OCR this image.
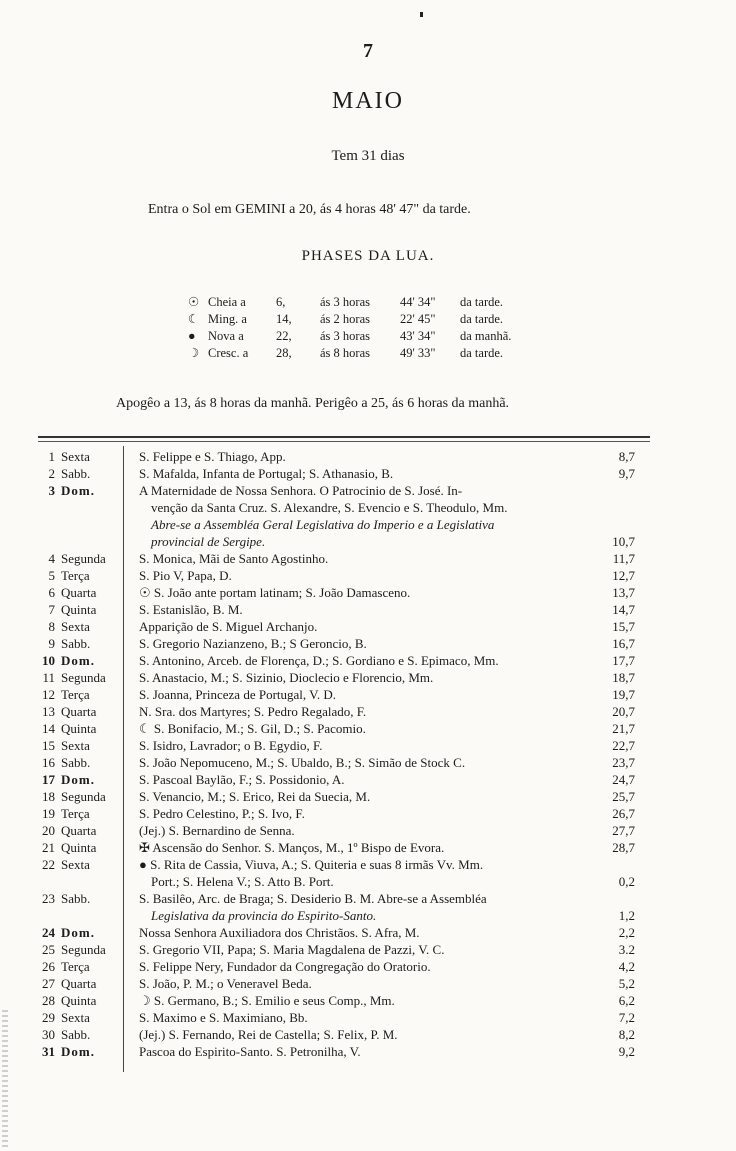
7
MAIO
Tem 31 dias
Entra o Sol em GEMINI a 20, ás 4 horas 48' 47" da tarde.
PHASES DA LUA.
☉ Cheia a	6,	ás 3 horas	44' 34"	da tarde.
☾ Ming. a	14,	ás 2 horas	22' 45"	da tarde.
● Nova a	22,	ás 3 horas	43' 34"	da manhã.
☽ Cresc. a	28,	ás 8 horas	49' 33"	da tarde.
Apogêo a 13, ás 8 horas da manhã. Perigêo a 25, ás 6 horas da manhã.
1 Sexta	S. Felippe e S. Thiago, App.	8,7
2 Sabb.	S. Mafalda, Infanta de Portugal; S. Athanasio, B.	9,7
3 Dom.	A Maternidade de Nossa Senhora. O Patrocinio de S. José. In-
venção da Santa Cruz. S. Alexandre, S. Evencio e S. Theodulo, Mm.
Abre-se a Assembléa Geral Legislativa do Imperio e a Legislativa
provincial de Sergipe.	10,7
4 Segunda	S. Monica, Mãi de Santo Agostinho.	11,7
5 Terça	S. Pio V, Papa, D.	12,7
6 Quarta	☉ S. João ante portam latinam; S. João Damasceno.	13,7
7 Quinta	S. Estanislão, B. M.	14,7
8 Sexta	Apparição de S. Miguel Archanjo.	15,7
9 Sabb.	S. Gregorio Nazianzeno, B.; S Geroncio, B.	16,7
10 Dom.	S. Antonino, Arceb. de Florença, D.; S. Gordiano e S. Epimaco, Mm.	17,7
11 Segunda	S. Anastacio, M.; S. Sizinio, Dioclecio e Florencio, Mm.	18,7
12 Terça	S. Joanna, Princeza de Portugal, V. D.	19,7
13 Quarta	N. Sra. dos Martyres; S. Pedro Regalado, F.	20,7
14 Quinta	☾ S. Bonifacio, M.; S. Gil, D.; S. Pacomio.	21,7
15 Sexta	S. Isidro, Lavrador; o B. Egydio, F.	22,7
16 Sabb.	S. João Nepomuceno, M.; S. Ubaldo, B.; S. Simão de Stock C.	23,7
17 Dom.	S. Pascoal Baylão, F.; S. Possidonio, A.	24,7
18 Segunda	S. Venancio, M.; S. Erico, Rei da Suecia, M.	25,7
19 Terça	S. Pedro Celestino, P.; S. Ivo, F.	26,7
20 Quarta	(Jej.) S. Bernardino de Senna.	27,7
21 Quinta	✠ Ascensão do Senhor. S. Manços, M., 1º Bispo de Evora.	28,7
22 Sexta	● S. Rita de Cassia, Viuva, A.; S. Quiteria e suas 8 irmãs Vv. Mm.
Port.; S. Helena V.; S. Atto B. Port.	0,2
23 Sabb.	S. Basilêo, Arc. de Braga; S. Desiderio B. M. Abre-se a Assembléa
Legislativa da provincia do Espirito-Santo.	1,2
24 Dom.	Nossa Senhora Auxiliadora dos Christãos. S. Afra, M.	2,2
25 Segunda	S. Gregorio VII, Papa; S. Maria Magdalena de Pazzi, V. C.	3.2
26 Terça	S. Felippe Nery, Fundador da Congregação do Oratorio.	4,2
27 Quarta	S. João, P. M.; o Veneravel Beda.	5,2
28 Quinta	☽ S. Germano, B.; S. Emilio e seus Comp., Mm.	6,2
29 Sexta	S. Maximo e S. Maximiano, Bb.	7,2
30 Sabb.	(Jej.) S. Fernando, Rei de Castella; S. Felix, P. M.	8,2
31 Dom.	Pascoa do Espirito-Santo. S. Petronilha, V.	9,2
